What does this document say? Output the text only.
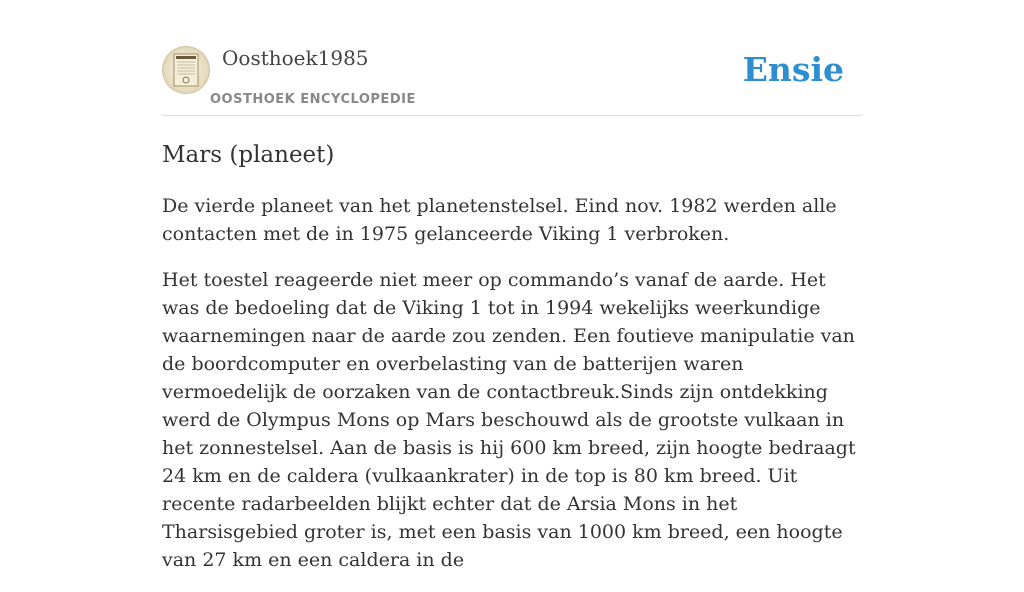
Oosthoek1985
OOSTHOEK ENCYCLOPEDIE
Ensie
Mars (planeet)

De vierde planeet van het planetenstelsel. Eind nov. 1982 werden alle contacten met de in 1975 gelanceerde Viking 1 verbroken.

Het toestel reageerde niet meer op commando’s vanaf de aarde. Het was de bedoeling dat de Viking 1 tot in 1994 wekelijks weerkundige waarnemingen naar de aarde zou zenden. Een foutieve manipulatie van de boordcomputer en overbelasting van de batterijen waren vermoedelijk de oorzaken van de contactbreuk.Sinds zijn ontdekking werd de Olympus Mons op Mars beschouwd als de grootste vulkaan in het zonnestelsel. Aan de basis is hij 600 km breed, zijn hoogte bedraagt 24 km en de caldera (vulkaankrater) in de top is 80 km breed. Uit recente radarbeelden blijkt echter dat de Arsia Mons in het Tharsisgebied groter is, met een basis van 1000 km breed, een hoogte van 27 km en een caldera in de
